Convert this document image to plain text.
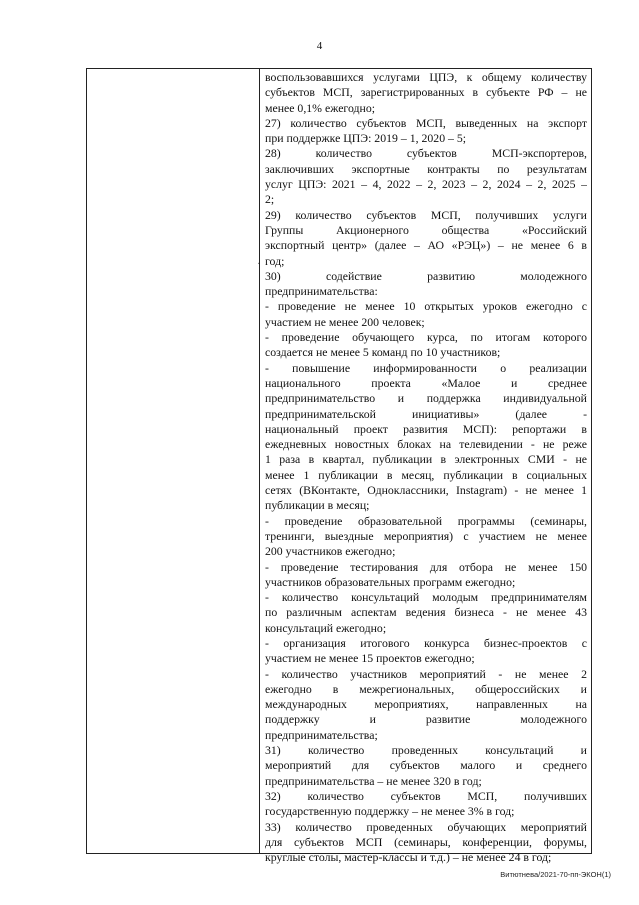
4
·
воспользовавшихся услугами ЦПЭ, к общему количеству
субъектов МСП, зарегистрированных в субъекте РФ – не
менее 0,1% ежегодно;
27) количество субъектов МСП, выведенных на экспорт
при поддержке ЦПЭ: 2019 – 1, 2020 – 5;
28) количество субъектов МСП-экспортеров,
заключивших экспортные контракты по результатам
услуг ЦПЭ: 2021 – 4, 2022 – 2, 2023 – 2, 2024 – 2, 2025 –
2;
29) количество субъектов МСП, получивших услуги
Группы Акционерного общества «Российский
экспортный центр» (далее – АО «РЭЦ») – не менее 6 в
год;
30) содействие развитию молодежного
предпринимательства:
- проведение не менее 10 открытых уроков ежегодно с
участием не менее 200 человек;
- проведение обучающего курса, по итогам которого
создается не менее 5 команд по 10 участников;
- повышение информированности о реализации
национального проекта «Малое и среднее
предпринимательство и поддержка индивидуальной
предпринимательской инициативы» (далее -
национальный проект развития МСП): репортажи в
ежедневных новостных блоках на телевидении - не реже
1 раза в квартал, публикации в электронных СМИ - не
менее 1 публикации в месяц, публикации в социальных
сетях (ВКонтакте, Одноклассники, Instagram) - не менее 1
публикации в месяц;
- проведение образовательной программы (семинары,
тренинги, выездные мероприятия) с участием не менее
200 участников ежегодно;
- проведение тестирования для отбора не менее 150
участников образовательных программ ежегодно;
- количество консультаций молодым предпринимателям
по различным аспектам ведения бизнеса - не менее 43
консультаций ежегодно;
- организация итогового конкурса бизнес-проектов с
участием не менее 15 проектов ежегодно;
- количество участников мероприятий - не менее 2
ежегодно в межрегиональных, общероссийских и
международных мероприятиях, направленных на
поддержку и развитие молодежного
предпринимательства;
31) количество проведенных консультаций и
мероприятий для субъектов малого и среднего
предпринимательства – не менее 320 в год;
32) количество субъектов МСП, получивших
государственную поддержку – не менее 3% в год;
33) количество проведенных обучающих мероприятий
для субъектов МСП (семинары, конференции, форумы,
круглые столы, мастер-классы и т.д.) – не менее 24 в год;
Витютнева/2021-70-пп-ЭКОН(1)
